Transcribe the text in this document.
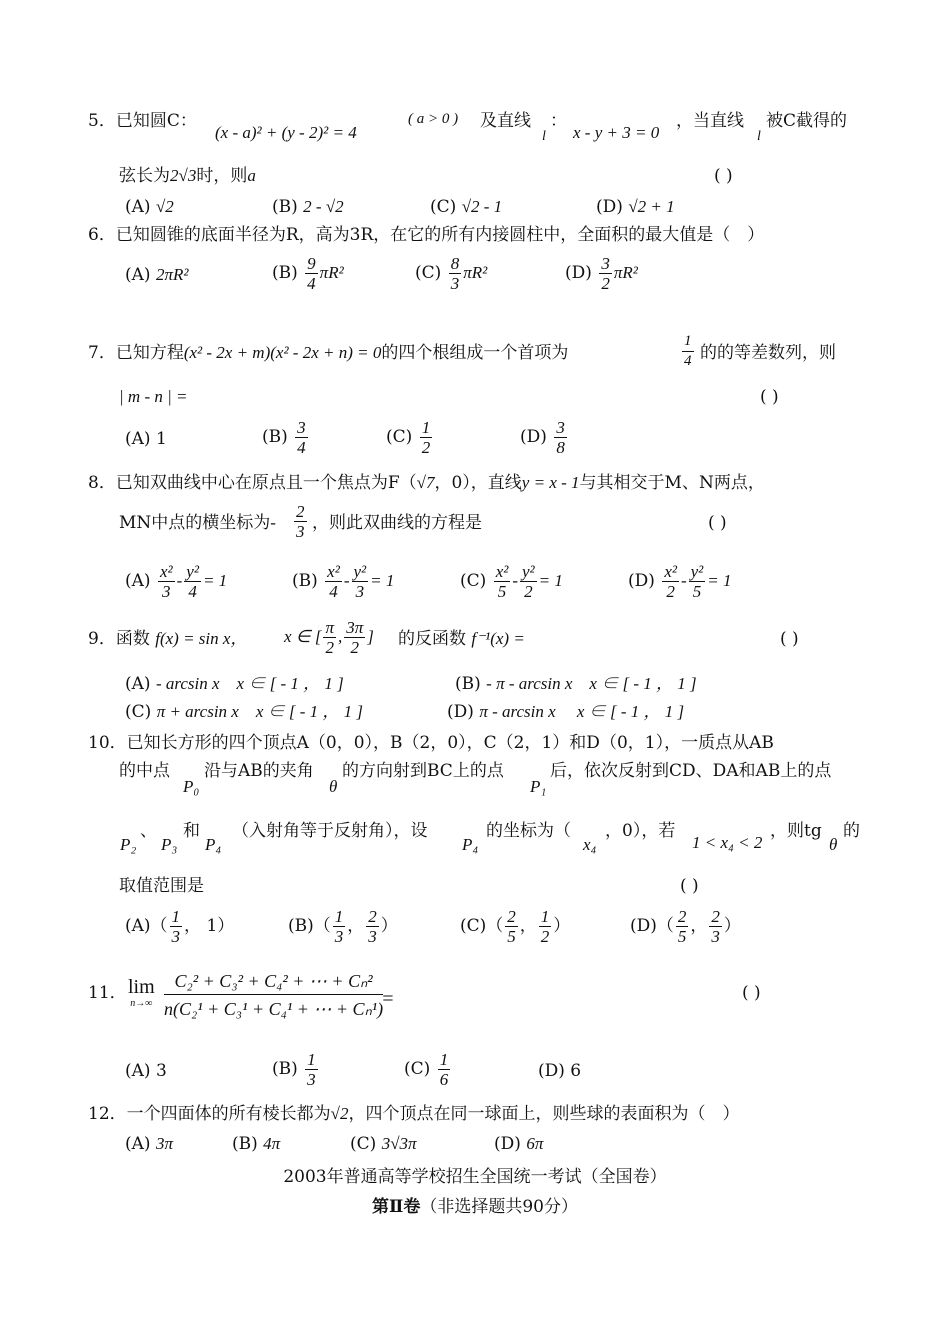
5．已知圆C：
(x - a)² + (y - 2)² = 4
( a > 0 ) 及直线
l
：
x - y + 3 = 0
，当直线
l
被C截得的
弦长为2√3时，则a	( )
(A) √2	(B) 2 - √2	(C) √2 - 1	(D) √2 + 1
6．已知圆锥的底面半径为R，高为3R，在它的所有内接圆柱中，全面积的最大值是（　）
(A) 2πR²	$(B) \frac{9}{4} \pi R^2$	$(C) \frac{8}{3} \pi R^2$	$(D) \frac{3}{2} \pi R^2$
7．已知方程(x² - 2x + m)(x² - 2x + n) = 0的四个根组成一个首项为	$\frac{1}{4}$ 的的等差数列，则
| m - n | =	( )
(A) 1	$(B) \frac{3}{4}$	$(C) \frac{1}{2}$	$(D) \frac{3}{8}$
8．已知双曲线中心在原点且一个焦点为F（√7，0），直线y = x - 1与其相交于M、N两点，
MN中点的横坐标为- $\frac{2}{3}$ ，则此双曲线的方程是	( )
$(A) \frac{\text{x²}}{3} - \frac{\text{y²}}{4} = 1$	$(B) \frac{\text{x²}}{4} - \frac{\text{y²}}{3} = 1$	$(C) \frac{\text{x²}}{5} - \frac{\text{y²}}{2} = 1$	$(D) \frac{\text{x²}}{2} - \frac{\text{y²}}{5} = 1$
9．函数 f(x) = sin x， x ∈ [ $\frac{\pi}{2}$ , $\frac{3\pi}{2}$ ] 的反函数 f⁻¹(x) =	( )
(A) - arcsin x　x ∈ [ - 1 ， 1 ]	(B) - π - arcsin x　x ∈ [ - 1 ， 1 ]
(C) π + arcsin x　x ∈ [ - 1 ， 1 ]	(D) π - arcsin x　 x ∈ [ - 1 ， 1 ]
10．已知长方形的四个顶点A（0，0），B（2，0），C（2，1）和D（0，1），一质点从AB
的中点
P₀
沿与AB的夹角
θ
的方向射到BC上的点
P₁
后，依次反射到CD、DA和AB上的点
P₂
、
P₃
和
P₄
（入射角等于反射角），设
P₄
的坐标为（
x₄
，0），若
1 < x₄ < 2
，则tg
θ
的
取值范围是	( )
$(A)( \frac{1}{3}$ ， 1）	$(B)( \frac{1}{3}$ ， $\frac{2}{3}$ ）	$(C)( \frac{2}{5}$ ， $\frac{1}{2}$ ）	$(D)( \frac{2}{5}$ ， $\frac{2}{3}$ ）
11． lim
$n\to\infty \frac{\text{C₂² + C₃² + C₄² + ⋯ + Cₙ²}}{\text{n(C₂¹ + C₃¹ + C₄¹ + ⋯ + Cₙ¹)}}$
=	( )
(A) 3	$(B) \frac{1}{3}$	$(C) \frac{1}{6}$	(D) 6
12．一个四面体的所有棱长都为√2，四个顶点在同一球面上，则些球的表面积为（　）
(A) 3π	(B) 4π	(C) 3√3π	(D) 6π
2003年普通高等学校招生全国统一考试（全国卷）
第Ⅱ卷（非选择题共90分）
